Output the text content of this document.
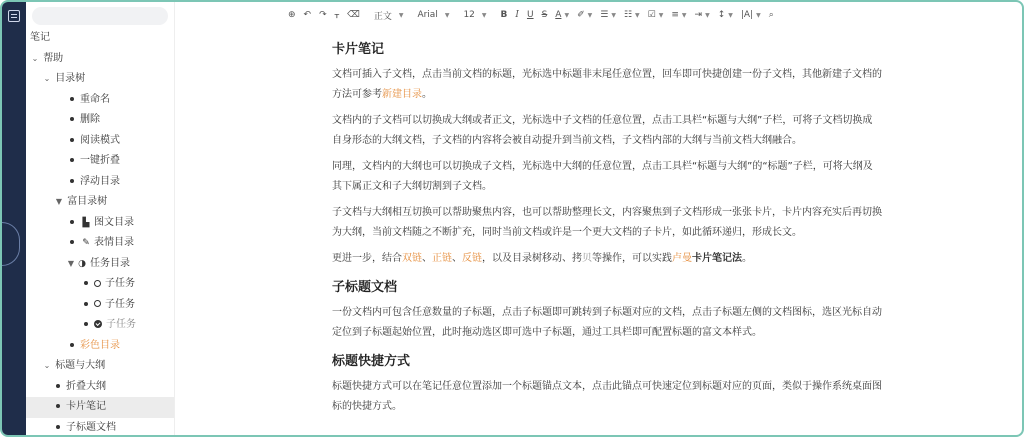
笔记
⌄ 帮助
⌄ 目录树
重命名
删除
阅读模式
一键折叠
浮动目录
▼ 富目录树
▙ 图文目录
✎ 表情目录
▼ ◑ 任务目录
子任务
子任务
子任务
彩色目录
⌄ 标题与大纲
折叠大纲
卡片笔记
子标题文档
⊕ ↶ ↷ ᚁ ⌫ 正文 ▼ Arial ▼ 12 ▼ B I U S A ▼ ✐ ▼ ☰ ▼ ☷ ▼ ☑ ▼ ≡ ▼ ⇥ ▼ ↕ ▼ |A| ▼ ⌕
卡片笔记

文档可插入子文档，点击当前文档的标题，光标选中标题非末尾任意位置，回车即可快捷创建一份子文档，其他新建子文档的方法可参考新建目录。

文档内的子文档可以切换成大纲或者正文，光标选中子文档的任意位置，点击工具栏“标题与大纲”子栏，可将子文档切换成自身形态的大纲文档，子文档的内容将会被自动提升到当前文档，子文档内部的大纲与当前文档大纲融合。

同理，文档内的大纲也可以切换成子文档，光标选中大纲的任意位置，点击工具栏“标题与大纲”的“标题”子栏，可将大纲及其下属正文和子大纲切割到子文档。

子文档与大纲相互切换可以帮助聚焦内容，也可以帮助整理长文，内容聚焦到子文档形成一张张卡片，卡片内容充实后再切换为大纲，当前文档随之不断扩充，同时当前文档或许是一个更大文档的子卡片，如此循环递归，形成长文。

更进一步，结合双链、正链、反链，以及目录树移动、拷贝等操作，可以实践卢曼卡片笔记法。

子标题文档

一份文档内可包含任意数量的子标题，点击子标题即可跳转到子标题对应的文档，点击子标题左侧的文档图标，选区光标自动定位到子标题起始位置，此时拖动选区即可选中子标题，通过工具栏即可配置标题的富文本样式。

标题快捷方式

标题快捷方式可以在笔记任意位置添加一个标题锚点文本，点击此锚点可快速定位到标题对应的页面，类似于操作系统桌面图标的快捷方式。
